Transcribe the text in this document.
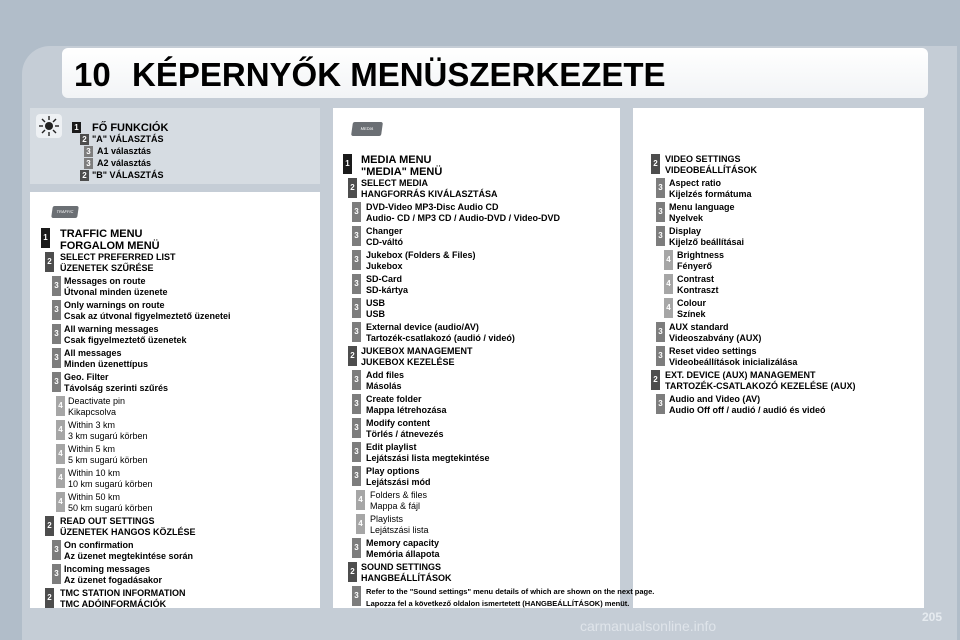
10 KÉPERNYŐK MENÜSZERKEZETE
TRAFFIC
MEDIA
1 FŐ FUNKCIÓK
2 "A" VÁLASZTÁS
3 A1 választás
3 A2 választás
2 "B" VÁLASZTÁS
1 TRAFFIC MENU
FORGALOM MENÜ
2 SELECT PREFERRED LIST
ÜZENETEK SZŰRÉSE
3 Messages on route
Útvonal minden üzenete
3 Only warnings on route
Csak az útvonal figyelmeztető üzenetei
3 All warning messages
Csak figyelmeztető üzenetek
3 All messages
Minden üzenettípus
3 Geo. Filter
Távolság szerinti szűrés
4 Deactivate pin
Kikapcsolva
4 Within 3 km
3 km sugarú körben
4 Within 5 km
5 km sugarú körben
4 Within 10 km
10 km sugarú körben
4 Within 50 km
50 km sugarú körben
2 READ OUT SETTINGS
ÜZENETEK HANGOS KÖZLÉSE
3 On confirmation
Az üzenet megtekintése során
3 Incoming messages
Az üzenet fogadásakor
2 TMC STATION INFORMATION
TMC ADÓINFORMÁCIÓK
1 MEDIA MENU
"MEDIA" MENÜ
2 SELECT MEDIA
HANGFORRÁS KIVÁLASZTÁSA
3 DVD-Video MP3-Disc Audio CD
Audio- CD / MP3 CD / Audio-DVD / Video-DVD
3 Changer
CD-váltó
3 Jukebox (Folders & Files)
Jukebox
3 SD-Card
SD-kártya
3 USB
USB
3 External device (audio/AV)
Tartozék-csatlakozó (audió / videó)
2 JUKEBOX MANAGEMENT
JUKEBOX KEZELÉSE
3 Add files
Másolás
3 Create folder
Mappa létrehozása
3 Modify content
Törlés / átnevezés
3 Edit playlist
Lejátszási lista megtekintése
3 Play options
Lejátszási mód
4 Folders & files
Mappa & fájl
4 Playlists
Lejátszási lista
3 Memory capacity
Memória állapota
2 SOUND SETTINGS
HANGBEÁLLÍTÁSOK
3 Refer to the "Sound settings" menu details of which are shown on the next page.
Lapozza fel a következő oldalon ismertetett (HANGBEÁLLÍTÁSOK) menüt.
2 VIDEO SETTINGS
VIDEOBEÁLLÍTÁSOK
3 Aspect ratio
Kijelzés formátuma
3 Menu language
Nyelvek
3 Display
Kijelző beállításai
4 Brightness
Fényerő
4 Contrast
Kontraszt
4 Colour
Színek
3 AUX standard
Videoszabvány (AUX)
3 Reset video settings
Videobeállítások inicializálása
2 EXT. DEVICE (AUX) MANAGEMENT
TARTOZÉK-CSATLAKOZÓ KEZELÉSE (AUX)
3 Audio and Video (AV)
Audio Off off / audió / audió és videó
205
carmanualsonline.info
